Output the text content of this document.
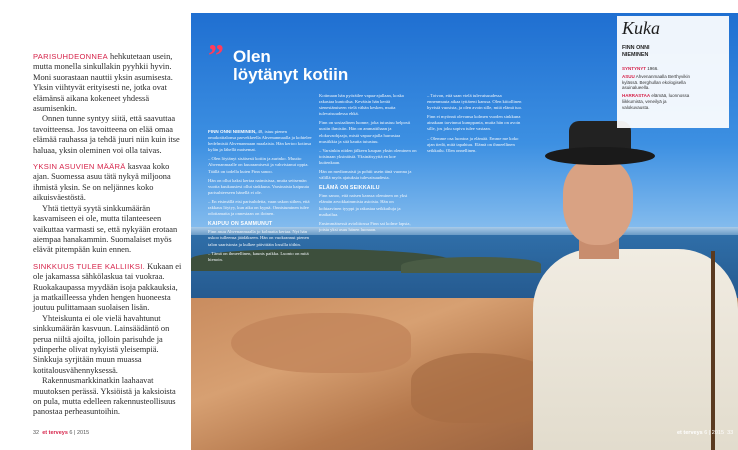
PARISUHDEONNEA hehkutetaan usein, mutta monella sinkullakin pyyhkii hyvin. Moni suorastaan nauttii yksin asumisesta. Yksin viihtyvät erityisesti ne, jotka ovat elämänsä aikana kokeneet yhdessä asumisenkin.

Onnen tunne syntyy siitä, että saavuttaa tavoitteensa. Jos tavoitteena on elää omaa elämää rauhassa ja tehdä juuri niin kuin itse haluaa, yksin oleminen voi olla taivas.

YKSIN ASUVIEN MÄÄRÄ kasvaa koko ajan. Suomessa asuu tätä nykyä miljoona ihmistä yksin. Se on neljännes koko aikuisväestöstä.

Yhtä tiettyä syytä sinkkumäärän kasvamiseen ei ole, mutta tilanteeseen vaikuttaa varmasti se, että nykyään erotaan aiempaa hanakammin. Suomalaiset myös elävät pitempään kuin ennen.

SINKKUUS TULEE KALLIIKSI. Kukaan ei ole jakamassa sähkölaskua tai vuokraa. Ruokakaupassa myydään isoja pakkauksia, ja matkailleessa yhden hengen huoneesta joutuu pulittamaan suolaisen lisän.

Yhteiskunta ei ole vielä havahtunut sinkkumäärän kasvuun. Lainsäädäntö on perua niiltä ajoilta, jolloin parisuhde ja ydinperhe olivat nykyistä yleisempiä. Sinkkuja syrjitään muun muassa kotitalousvähennyksessä.

Rakennusmarkkinatkin laahaavat muutoksen perässä. Yksiöistä ja kaksioista on pula, mutta edelleen rakennusteollisuus panostaa perheasuntoihin.

32 et terveys 6 | 2015
” Olen
löytänyt kotiin

FINN ONNI NIEMINEN, 48, istuu pienen omakotitalonsa parvekkeella Ahvenanmaalla ja kohtelee hedelmistä Ahvenanmaan maalaisia. Hän kertoo kotinsa kylän ja lähellä maisemat.

– Olen löytänyt sisäisesti kotiin ja aurinko. Muutto Ahvenanmaalle on kuuraamisesti ja vahvistanut oppia. Täällä on todella kuten Finn sanoo.

Hän on ollut kaksi kertaa naimisissa, mutta seitsemän vuotta kuukausiesi ollut sinkkuna. Varsinaista kaipuuta parisuhteeseen hänellä ei ole.

– En etsimällä etsi parisuhdetta, vaan uskon siihen, että rakkaus löytyy, kun aika on kypsä. Onnistuminen tulee odottamatta ja onnestaan on iloinen.

KAIPUU ON SAMMUNUT

Finn asuu Ahvenanmaalla jo kolmatta kertaa. Nyt hän uskoo tulleensa jäädäkseen. Hän on vuokrannut pienen talon saaristosta ja kulkee päivittäin lossilla töihin.

– Tämä on ihmeellinen, kaunis paikka. Luonto on mitä hienoin.

Kotimaan hän pyöräilee vapaa-ajallaan, koska rakastaa kuntoilua. Keväisin hän kerää sienestämiseen vielä vähän kesken, mutta tulevaisuudessa ehkä.

Finn on sosiaalinen luonne, joka tutustuu helposti uusiin ihmisiin. Hän on ammattihaan ja elokuvaohjaaja, mistä vapaa-ajalla harrastaa musiikkia ja sitä kautta tutustuu.

– Varsinkin niiden jälkeen kaupan yksin oleminen on toisinaan yksinäistä. Yksinäisyyttä en koe kuitenkaan.

Hän on mediomaisti ja pohtii usein tänä vuonna ja välillä myös ajatuksia tulevaisuudesta.

ELÄMÄ ON SEIKKAILU

Finn sanoo, että naisen kanssa oleminen on yksi elämän arvokkaimmista asioista. Hän on kohtaavinen tyyppi ja rakastaa seikkailuja ja matkailua.

Ensimmäisessä avioliitossa Finn sai kolme lapsia, joista yksi asuu hänen luonaan.

– Toivon, että saan vielä tulevaisuudessa ennenmuuta aikaa tyttäreni kanssa. Olen kiitollinen hyvistä vuosista, ja olen avoin sille, mitä elämä tuo.

Finn ei myönnä olevansa kolmen vuoden sinkkuna ainakaan tarvinnut kumppania, mutta hän on avoin sille, jos joku sopiva tulee vastaan.

– Olemme osa luontoa ja elämää. Emme me koko ajan tiedä, mitä tapahtuu. Elämä on ihmeellinen seikkailu. Olen onnellinen.

Kuka
FINN ONNI
NIEMINEN

SYNTYNYT 1966.

ASUU Ahvenanmaalla Berthyvikin kylässä. Berghullan ekologisella asuinalueella.

HARRASTAA elämää, luonnossa liikkumista, veneilyä ja valokuvausta.

et terveys 6 | 2015 33
